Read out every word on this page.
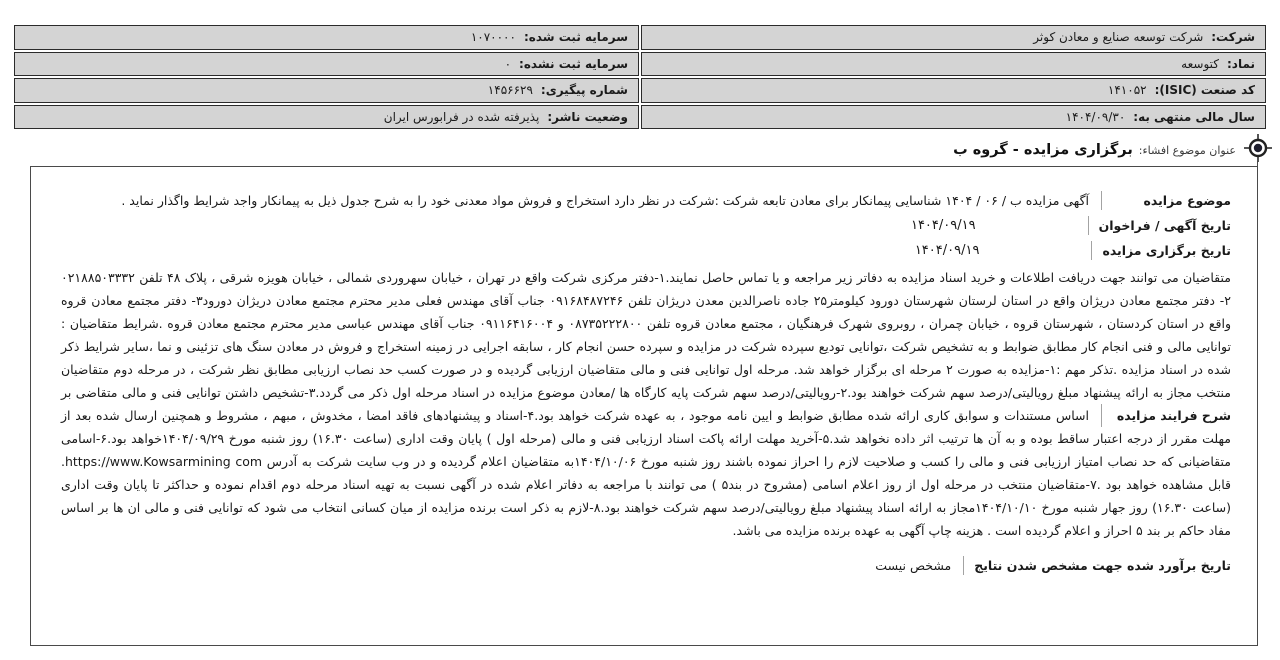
شرکت:
شرکت توسعه صنایع و معادن کوثر
سرمایه ثبت شده:
۱۰۷۰۰۰۰
نماد:
کتوسعه
سرمایه ثبت نشده:
۰
کد صنعت (ISIC):
۱۴۱۰۵۲
شماره پیگیری:
۱۴۵۶۶۲۹
سال مالی منتهی به:
۱۴۰۴/۰۹/۳۰
وضعیت ناشر:
پذیرفته شده در فرابورس ایران
عنوان موضوع افشاء:
برگزاری مزایده - گروه ب
موضوع مزایده
آگهی مزایده ب / ۰۶ / ۱۴۰۴ شناسایی پیمانکار برای معادن تابعه شرکت :شرکت در نظر دارد استخراج و فروش مواد معدنی خود را به شرح جدول ذیل به پیمانکار واجد شرایط واگذار نماید .
تاریخ آگهی / فراخوان
۱۴۰۴/۰۹/۱۹
تاریخ برگزاری مزایده
۱۴۰۴/۰۹/۱۹
شرح فرایند مزایده
متقاضیان می توانند جهت دریافت اطلاعات و خرید اسناد مزایده به دفاتر زیر مراجعه و یا تماس حاصل نمایند.۱-دفتر مرکزی شرکت واقع در تهران ، خیابان سهروردی شمالی ، خیابان هویزه شرقی ، پلاک ۴۸ تلفن ۰۲۱۸۸۵۰۳۳۳۲ ۲- دفتر مجتمع معادن دریژان واقع در استان لرستان شهرستان دورود کیلومتر۲۵ جاده ناصرالدین معدن دریژان تلفن ۰۹۱۶۸۴۸۷۲۴۶ جناب آقای مهندس فعلی مدیر محترم مجتمع معادن دریژان دورود۳- دفتر مجتمع معادن قروه واقع در استان کردستان ، شهرستان قروه ، خیابان چمران ، روبروی شهرک فرهنگیان ، مجتمع معادن قروه تلفن ۰۸۷۳۵۲۲۲۸۰۰ و ۰۹۱۱۶۴۱۶۰۰۴ جناب آقای مهندس عباسی مدیر محترم مجتمع معادن قروه .شرایط متقاضیان : توانایی مالی و فنی انجام کار مطابق ضوابط و به تشخیص شرکت ،توانایی تودیع سپرده شرکت در مزایده و سپرده حسن انجام کار ، سابقه اجرایی در زمینه استخراج و فروش در معادن سنگ های تزئینی و نما ،سایر شرایط ذکر شده در اسناد مزایده .تذکر مهم :۱-مزایده به صورت ۲ مرحله ای برگزار خواهد شد. مرحله اول توانایی فنی و مالی متقاضیان ارزیابی گردیده و در صورت کسب حد نصاب ارزیابی مطابق نظر شرکت ، در مرحله دوم متقاضیان منتخب مجاز به ارائه پیشنهاد مبلغ رویالیتی/درصد سهم شرکت خواهند بود.۲-رویالیتی/درصد سهم شرکت پایه کارگاه ها /معادن موضوع مزایده در اسناد مرحله اول ذکر می گردد.۳-تشخیص داشتن توانایی فنی و مالی متقاضی بر اساس مستندات و سوابق کاری ارائه شده مطابق ضوابط و ایین نامه موجود ، به عهده شرکت خواهد بود.۴-اسناد و پیشنهادهای فاقد امضا ، مخدوش ، مبهم ، مشروط و همچنین ارسال شده بعد از مهلت مقرر از درجه اعتبار ساقط بوده و به آن ها ترتیب اثر داده نخواهد شد.۵-آخرید مهلت ارائه پاکت اسناد ارزیابی فنی و مالی (مرحله اول ) پایان وقت اداری (ساعت ۱۶.۳۰) روز شنبه مورخ ۱۴۰۴/۰۹/۲۹خواهد بود.۶-اسامی متقاضیانی که حد نصاب امتیاز ارزیابی فنی و مالی را کسب و صلاحیت لازم را احراز نموده باشند روز شنبه مورخ ۱۴۰۴/۱۰/۰۶به متقاضیان اعلام گردیده و در وب سایت شرکت به آدرس https://www.Kowsarmining com. قابل مشاهده خواهد بود .۷-متقاضیان منتخب در مرحله اول از روز اعلام اسامی (مشروح در بند۵ ) می توانند با مراجعه به دفاتر اعلام شده در آگهی نسبت به تهیه اسناد مرحله دوم اقدام نموده و حداکثر تا پایان وقت اداری (ساعت ۱۶.۳۰) روز جهار شنبه مورخ ۱۴۰۴/۱۰/۱۰مجاز به ارائه اسناد پیشنهاد مبلغ رویالیتی/درصد سهم شرکت خواهند بود.۸-لازم به ذکر است برنده مزایده از میان کسانی انتخاب می شود که توانایی فنی و مالی ان ها بر اساس مفاد حاکم بر بند ۵ احراز و اعلام گردیده است . هزینه چاپ آگهی به عهده برنده مزایده می باشد.
تاریخ برآورد شده جهت مشخص شدن نتایج
مشخص نیست
